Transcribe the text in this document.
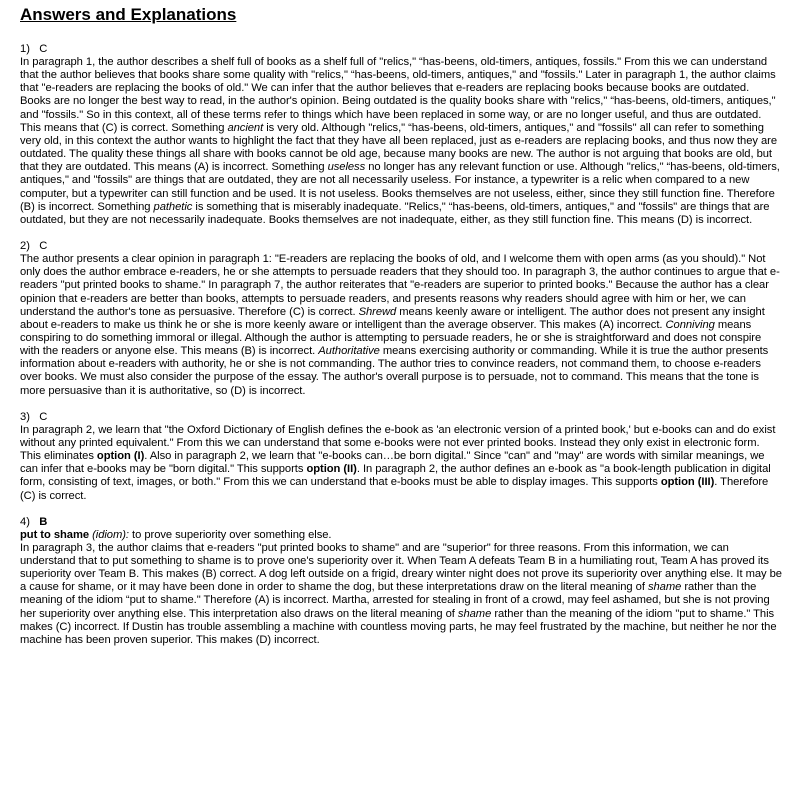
Answers and Explanations
1) C

In paragraph 1, the author describes a shelf full of books as a shelf full of "relics," “has-beens, old-timers, antiques, fossils." From this we can understand that the author believes that books share some quality with "relics," “has-beens, old-timers, antiques," and "fossils." Later in paragraph 1, the author claims that "e-readers are replacing the books of old." We can infer that the author believes that e-readers are replacing books because books are outdated. Books are no longer the best way to read, in the author's opinion. Being outdated is the quality books share with "relics," “has-beens, old-timers, antiques," and "fossils." So in this context, all of these terms refer to things which have been replaced in some way, or are no longer useful, and thus are outdated. This means that (C) is correct. Something ancient is very old. Although "relics," “has-beens, old-timers, antiques," and "fossils" all can refer to something very old, in this context the author wants to highlight the fact that they have all been replaced, just as e-readers are replacing books, and thus now they are outdated. The quality these things all share with books cannot be old age, because many books are new. The author is not arguing that books are old, but that they are outdated. This means (A) is incorrect. Something useless no longer has any relevant function or use. Although "relics," “has-beens, old-timers, antiques," and "fossils" are things that are outdated, they are not all necessarily useless. For instance, a typewriter is a relic when compared to a new computer, but a typewriter can still function and be used. It is not useless. Books themselves are not useless, either, since they still function fine. Therefore (B) is incorrect. Something pathetic is something that is miserably inadequate. "Relics," “has-beens, old-timers, antiques," and "fossils" are things that are outdated, but they are not necessarily inadequate. Books themselves are not inadequate, either, as they still function fine. This means (D) is incorrect.

2) C

The author presents a clear opinion in paragraph 1: "E-readers are replacing the books of old, and I welcome them with open arms (as you should)." Not only does the author embrace e-readers, he or she attempts to persuade readers that they should too. In paragraph 3, the author continues to argue that e-readers "put printed books to shame." In paragraph 7, the author reiterates that "e-readers are superior to printed books." Because the author has a clear opinion that e-readers are better than books, attempts to persuade readers, and presents reasons why readers should agree with him or her, we can understand the author's tone as persuasive. Therefore (C) is correct. Shrewd means keenly aware or intelligent. The author does not present any insight about e-readers to make us think he or she is more keenly aware or intelligent than the average observer. This makes (A) incorrect. Conniving means conspiring to do something immoral or illegal. Although the author is attempting to persuade readers, he or she is straightforward and does not conspire with the readers or anyone else. This means (B) is incorrect. Authoritative means exercising authority or commanding. While it is true the author presents information about e-readers with authority, he or she is not commanding. The author tries to convince readers, not command them, to choose e-readers over books. We must also consider the purpose of the essay. The author's overall purpose is to persuade, not to command. This means that the tone is more persuasive than it is authoritative, so (D) is incorrect.

3) C

In paragraph 2, we learn that "the Oxford Dictionary of English defines the e-book as 'an electronic version of a printed book,' but e-books can and do exist without any printed equivalent." From this we can understand that some e-books were not ever printed books. Instead they only exist in electronic form. This eliminates option (I). Also in paragraph 2, we learn that "e-books can…be born digital." Since "can" and "may" are words with similar meanings, we can infer that e-books may be "born digital." This supports option (II). In paragraph 2, the author defines an e-book as "a book-length publication in digital form, consisting of text, images, or both." From this we can understand that e-books must be able to display images. This supports option (III). Therefore (C) is correct.

4) B

put to shame (idiom): to prove superiority over something else.

In paragraph 3, the author claims that e-readers "put printed books to shame" and are "superior" for three reasons. From this information, we can understand that to put something to shame is to prove one's superiority over it. When Team A defeats Team B in a humiliating rout, Team A has proved its superiority over Team B. This makes (B) correct. A dog left outside on a frigid, dreary winter night does not prove its superiority over anything else. It may be a cause for shame, or it may have been done in order to shame the dog, but these interpretations draw on the literal meaning of shame rather than the meaning of the idiom “put to shame." Therefore (A) is incorrect. Martha, arrested for stealing in front of a crowd, may feel ashamed, but she is not proving her superiority over anything else. This interpretation also draws on the literal meaning of shame rather than the meaning of the idiom "put to shame." This makes (C) incorrect. If Dustin has trouble assembling a machine with countless moving parts, he may feel frustrated by the machine, but neither he nor the machine has been proven superior. This makes (D) incorrect.
